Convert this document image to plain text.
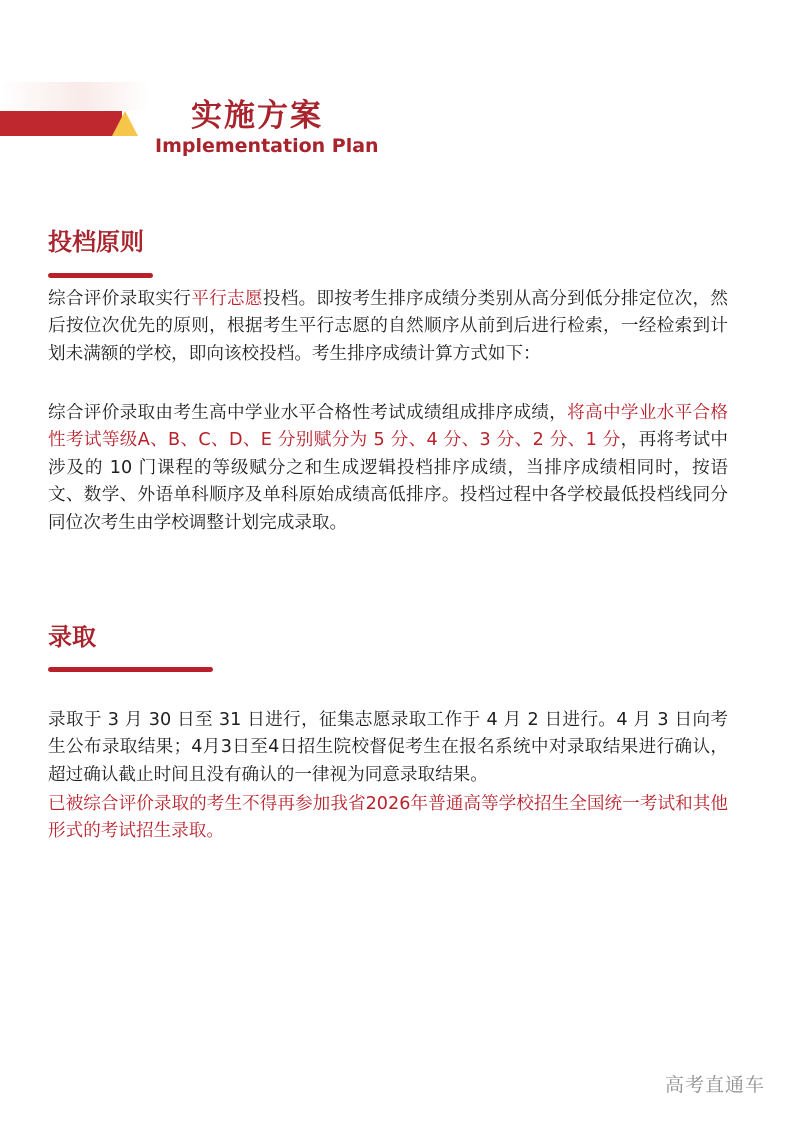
实施方案
Implementation Plan
投档原则
综合评价录取实行平行志愿投档。即按考生排序成绩分类别从高分到低分排定位次，然后按位次优先的原则，根据考生平行志愿的自然顺序从前到后进行检索，一经检索到计划未满额的学校，即向该校投档。考生排序成绩计算方式如下：
综合评价录取由考生高中学业水平合格性考试成绩组成排序成绩，将高中学业水平合格性考试等级A、B、C、D、E 分别赋分为 5 分、4 分、3 分、2 分、1 分，再将考试中涉及的 10 门课程的等级赋分之和生成逻辑投档排序成绩，当排序成绩相同时，按语文、数学、外语单科顺序及单科原始成绩高低排序。投档过程中各学校最低投档线同分同位次考生由学校调整计划完成录取。
录取
录取于 3 月 30 日至 31 日进行，征集志愿录取工作于 4 月 2 日进行。4 月 3 日向考生公布录取结果；4月3日至4日招生院校督促考生在报名系统中对录取结果进行确认，超过确认截止时间且没有确认的一律视为同意录取结果。
已被综合评价录取的考生不得再参加我省2026年普通高等学校招生全国统一考试和其他形式的考试招生录取。
高考直通车
